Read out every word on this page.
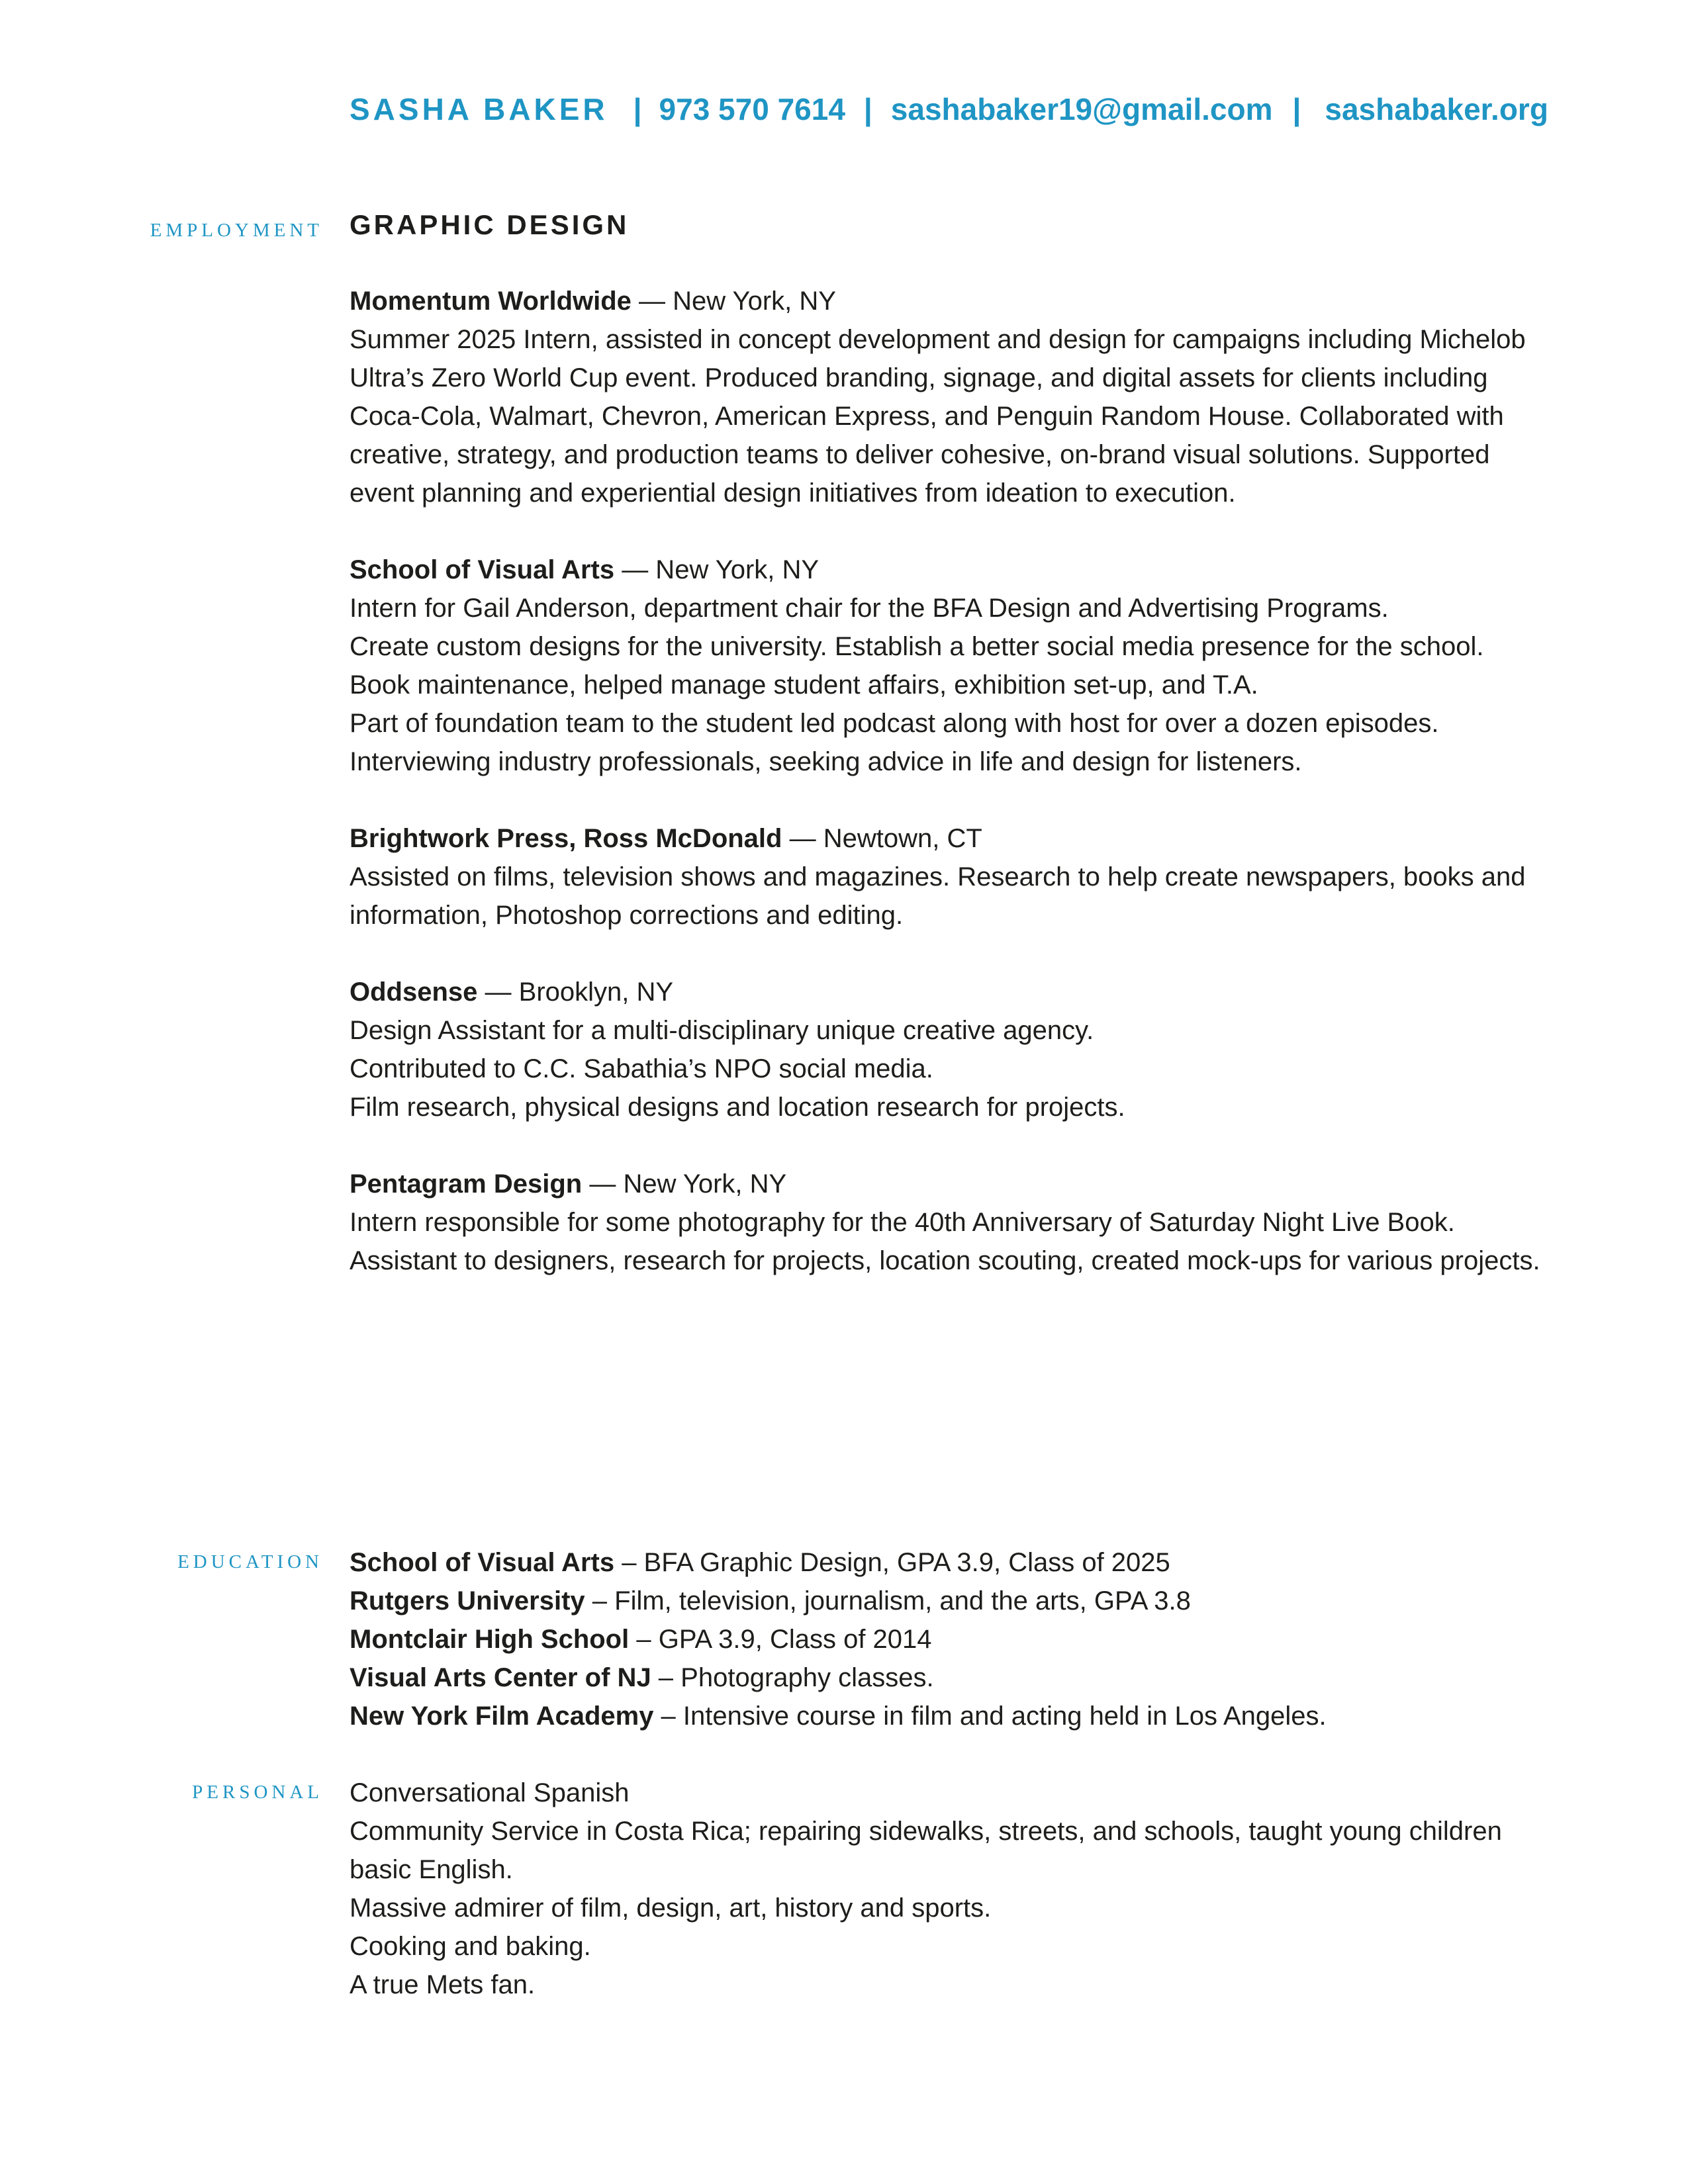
SASHA BAKER | 973 570 7614 | sashabaker19@gmail.com | sashabaker.org
EMPLOYMENT GRAPHIC DESIGN

Momentum Worldwide — New York, NY

Summer 2025 Intern, assisted in concept development and design for campaigns including Michelob
Ultra’s Zero World Cup event. Produced branding, signage, and digital assets for clients including
Coca-Cola, Walmart, Chevron, American Express, and Penguin Random House. Collaborated with
creative, strategy, and production teams to deliver cohesive, on-brand visual solutions. Supported
event planning and experiential design initiatives from ideation to execution.

School of Visual Arts — New York, NY

Intern for Gail Anderson, department chair for the BFA Design and Advertising Programs.
Create custom designs for the university. Establish a better social media presence for the school.
Book maintenance, helped manage student affairs, exhibition set-up, and T.A.
Part of foundation team to the student led podcast along with host for over a dozen episodes.
Interviewing industry professionals, seeking advice in life and design for listeners.

Brightwork Press, Ross McDonald — Newtown, CT

Assisted on films, television shows and magazines. Research to help create newspapers, books and
information, Photoshop corrections and editing.

Oddsense — Brooklyn, NY

Design Assistant for a multi-disciplinary unique creative agency.
Contributed to C.C. Sabathia’s NPO social media.
Film research, physical designs and location research for projects.

Pentagram Design — New York, NY

Intern responsible for some photography for the 40th Anniversary of Saturday Night Live Book.
Assistant to designers, research for projects, location scouting, created mock-ups for various projects.
EDUCATION School of Visual Arts – BFA Graphic Design, GPA 3.9, Class of 2025

Rutgers University – Film, television, journalism, and the arts, GPA 3.8

Montclair High School – GPA 3.9, Class of 2014

Visual Arts Center of NJ – Photography classes.

New York Film Academy – Intensive course in film and acting held in Los Angeles.

PERSONAL Conversational Spanish
Community Service in Costa Rica; repairing sidewalks, streets, and schools, taught young children
basic English.
Massive admirer of film, design, art, history and sports.
Cooking and baking.
A true Mets fan.
